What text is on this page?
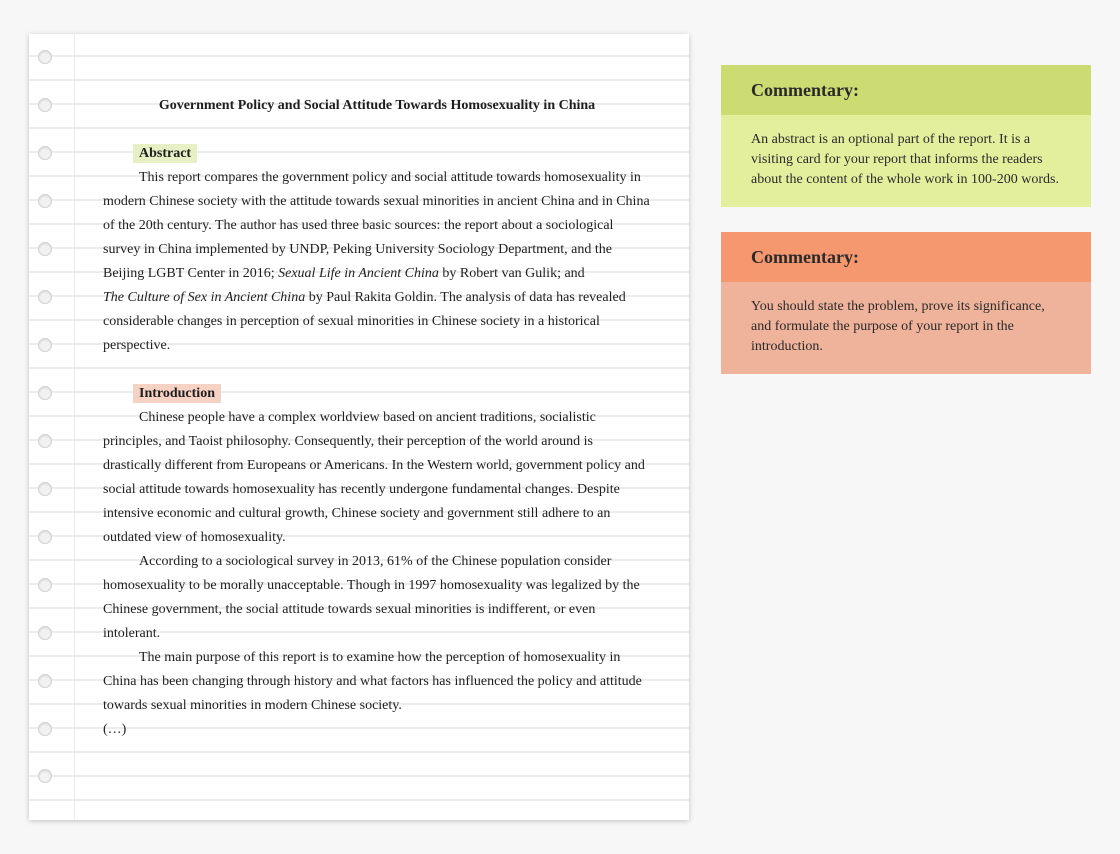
Government Policy and Social Attitude Towards Homosexuality in China

Abstract

This report compares the government policy and social attitude towards homosexuality in modern Chinese society with the attitude towards sexual minorities in ancient China and in China of the 20th century. The author has used three basic sources: the report about a sociological survey in China implemented by UNDP, Peking University Sociology Department, and the Beijing LGBT Center in 2016; Sexual Life in Ancient China by Robert van Gulik; and
The Culture of Sex in Ancient China by Paul Rakita Goldin. The analysis of data has revealed considerable changes in perception of sexual minorities in Chinese society in a historical perspective.

Introduction

Chinese people have a complex worldview based on ancient traditions, socialistic principles, and Taoist philosophy. Consequently, their perception of the world around is drastically different from Europeans or Americans. In the Western world, government policy and social attitude towards homosexuality has recently undergone fundamental changes. Despite intensive economic and cultural growth, Chinese society and government still adhere to an outdated view of homosexuality.

According to a sociological survey in 2013, 61% of the Chinese population consider homosexuality to be morally unacceptable. Though in 1997 homosexuality was legalized by the Chinese government, the social attitude towards sexual minorities is indifferent, or even intolerant.

The main purpose of this report is to examine how the perception of homosexuality in China has been changing through history and what factors has influenced the policy and attitude towards sexual minorities in modern Chinese society.

(…)

Commentary:
An abstract is an optional part of the report. It is a visiting card for your report that informs the readers about the content of the whole work in 100-200 words.
Commentary:
You should state the problem, prove its significance, and formulate the purpose of your report in the introduction.
